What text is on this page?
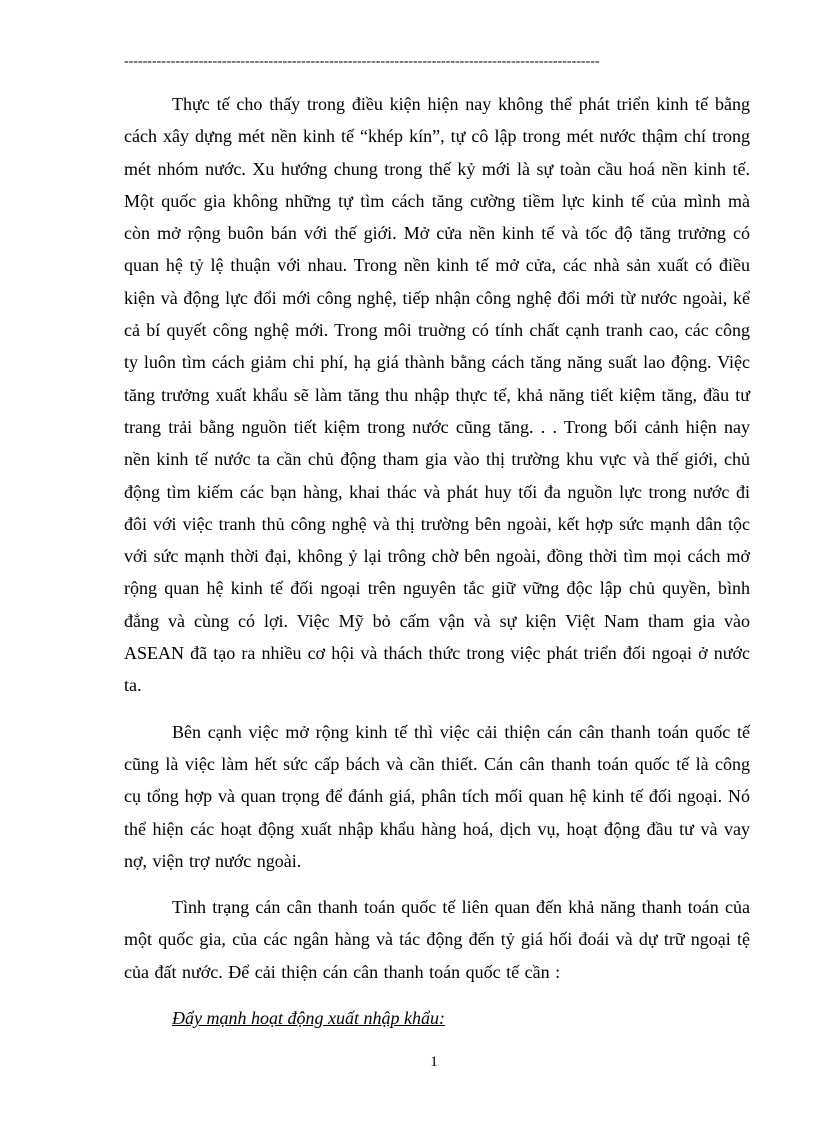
------------------------------------------------------------------------------------------------------

Thực tế cho thấy trong điều kiện hiện nay không thể phát triển kinh tế bằng cách xây dựng mét nền kinh tế “khép kín”, tự cô lập trong mét nước thậm chí trong mét nhóm nước. Xu hướng chung trong thế kỷ mới là sự toàn cầu hoá nền kinh tế. Một quốc gia không những tự tìm cách tăng cường tiềm lực kinh tế của mình mà còn mở rộng buôn bán với thế giới. Mở cửa nền kinh tế và tốc độ tăng trưởng có quan hệ tỷ lệ thuận với nhau. Trong nền kinh tế mở cửa, các nhà sản xuất có điều kiện và động lực đổi mới công nghệ, tiếp nhận công nghệ đổi mới từ nước ngoài, kể cả bí quyết công nghệ mới. Trong môi truờng có tính chất cạnh tranh cao, các công ty luôn tìm cách giảm chi phí, hạ giá thành bằng cách tăng năng suất lao động. Việc tăng trưởng xuất khẩu sẽ làm tăng thu nhập thực tế, khả năng tiết kiệm tăng, đầu tư trang trải bằng nguồn tiết kiệm trong nước cũng tăng. . . Trong bối cảnh hiện nay nền kinh tế nước ta cần chủ động tham gia vào thị trường khu vực và thế giới, chủ động tìm kiếm các bạn hàng, khai thác và phát huy tối đa nguồn lực trong nước đi đôi với việc tranh thủ công nghệ và thị trường bên ngoài, kết hợp sức mạnh dân tộc với sức mạnh thời đại, không ỷ lại trông chờ bên ngoài, đồng thời tìm mọi cách mở rộng quan hệ kinh tế đối ngoại trên nguyên tắc giữ vững độc lập chủ quyền, bình đẳng và cùng có lợi. Việc Mỹ bỏ cấm vận và sự kiện Việt Nam tham gia vào ASEAN đã tạo ra nhiều cơ hội và thách thức trong việc phát triển đối ngoại ở nước ta.

Bên cạnh việc mở rộng kinh tế thì việc cải thiện cán cân thanh toán quốc tế cũng là việc làm hết sức cấp bách và cần thiết. Cán cân thanh toán quốc tế là công cụ tổng hợp và quan trọng để đánh giá, phân tích mối quan hệ kinh tế đối ngoại. Nó thể hiện các hoạt động xuất nhập khẩu hàng hoá, dịch vụ, hoạt động đầu tư và vay nợ, viện trợ nước ngoài.

Tình trạng cán cân thanh toán quốc tế liên quan đến khả năng thanh toán của một quốc gia, của các ngân hàng và tác động đến tỷ giá hối đoái và dự trữ ngoại tệ của đất nước. Để cải thiện cán cân thanh toán quốc tế cần :

Đẩy mạnh hoạt động xuất nhập khẩu:

1
